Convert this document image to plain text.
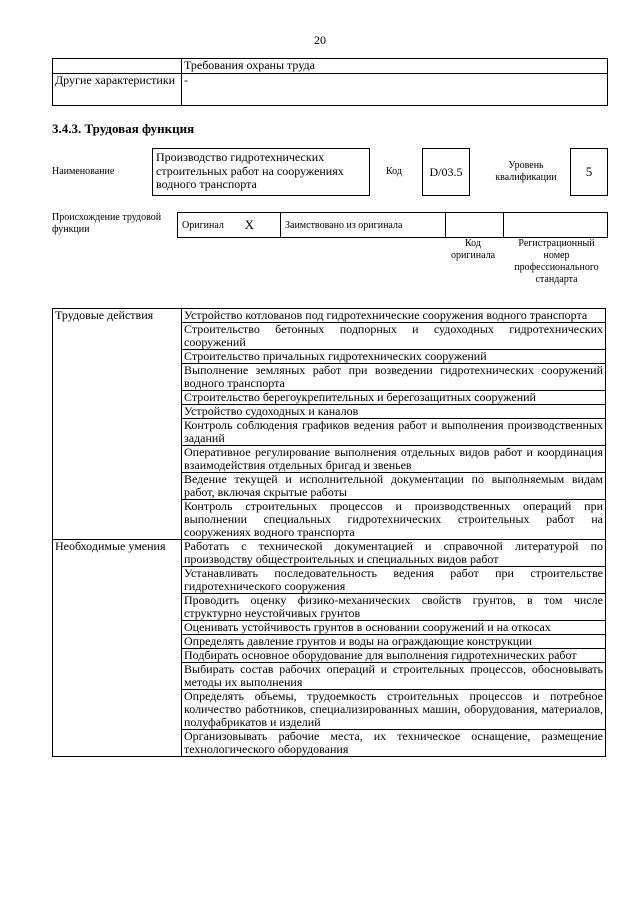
20
	Требования охраны труда
Другие характеристики	-
3.4.3. Трудовая функция
Наименование
Производство гидротехнических строительных работ на сооружениях водного транспорта
Код D/03.5	Уровень квалификации	5
Происхождение трудовой функции	Оригинал X	Заимствовано из оригинала
Код оригинала
Регистрационный номер профессионального стандарта
Трудовые действия	Устройство котлованов под гидротехнические сооружения водного транспорта
	Строительство бетонных подпорных и судоходных гидротехнических сооружений
	Строительство причальных гидротехнических сооружений
	Выполнение земляных работ при возведении гидротехнических сооружений водного транспорта
	Строительство берегоукрепительных и берегозащитных сооружений
	Устройство судоходных и каналов
	Контроль соблюдения графиков ведения работ и выполнения производственных заданий
	Оперативное регулирование выполнения отдельных видов работ и координация взаимодействия отдельных бригад и звеньев
	Ведение текущей и исполнительной документации по выполняемым видам работ, включая скрытые работы
	Контроль строительных процессов и производственных операций при выполнении специальных гидротехнических строительных работ на сооружениях водного транспорта
Необходимые умения	Работать с технической документацией и справочной литературой по производству общестроительных и специальных видов работ
	Устанавливать последовательность ведения работ при строительстве гидротехнического сооружения
	Проводить оценку физико-механических свойств грунтов, в том числе структурно неустойчивых грунтов
	Оценивать устойчивость грунтов в основании сооружений и на откосах
	Определять давление грунтов и воды на ограждающие конструкции
	Подбирать основное оборудование для выполнения гидротехнических работ
	Выбирать состав рабочих операций и строительных процессов, обосновывать методы их выполнения
	Определять объемы, трудоемкость строительных процессов и потребное количество работников, специализированных машин, оборудования, материалов, полуфабрикатов и изделий
	Организовывать рабочие места, их техническое оснащение, размещение технологического оборудования
